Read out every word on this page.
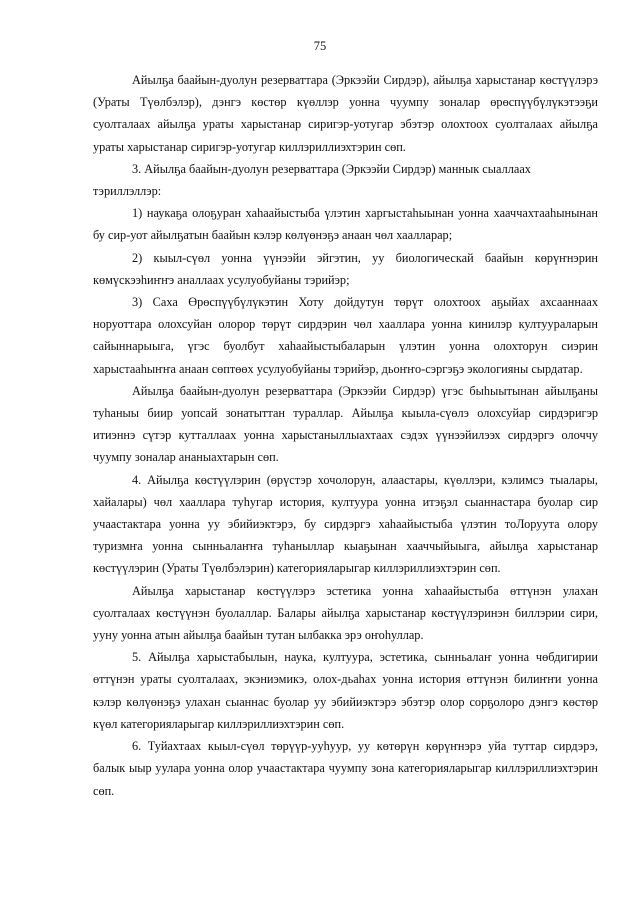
75

Айылҕа баайын-дуолун резерваттара (Эркээйи Сирдэр), айылҕа харыстанар көстүүлэрэ (Ураты Түөлбэлэр), дэнгэ көстөр күөллэр уонна чуумпу зоналар өрөспүүбүлүкэтээҕи суолталаах айылҕа ураты харыстанар сиригэр-уотугар эбэтэр олохтоох суолталаах айылҕа ураты харыстанар сиригэр-уотугар киллэриллиэхтэрин сөп.

3. Айылҕа баайын-дуолун резерваттара (Эркээйи Сирдэр) маннык сыаллаах тэриллэллэр:

1) наукаҕа олоҕуран хаһаайыстыба үлэтин харгыстаһыынан уонна хааччахтааһынынан бу сир-уот айылҕатын баайын кэлэр көлүөнэҕэ анаан чөл хаалларар;

2) кыыл-сүөл уонна үүнээйи эйгэтин, уу биологическай баайын көрүҥнэрин көмүскээһиҥҥэ аналлаах усулуобуйаны тэрийэр;

3) Саха Өрөспүүбүлүкэтин Хоту дойдутун төрүт олохтоох аҕыйах ахсааннаах норуоттара олохсуйан олорор төрүт сирдэрин чөл хааллара уонна кинилэр култуураларын сайыннарыыга, үгэс буолбут хаһаайыстыбаларын үлэтин уонна олохторун сиэрин харыстааһыҥҥа анаан сөптөөх усулуобуйаны тэрийэр, дьоҥҥо-сэргэҕэ экологияны сырдатар.

Айылҕа баайын-дуолун резерваттара (Эркээйи Сирдэр) үгэс быһыытынан айылҕаны туһаныы биир уопсай зонатыттан тураллар. Айылҕа кыыла-сүөлэ олохсуйар сирдэригэр итиэннэ сүтэр кутталлаах уонна харыстаныллыахтаах сэдэх үүнээйилээх сирдэргэ олоччу чуумпу зоналар ананыахтарын сөп.

4. Айылҕа көстүүлэрин (өрүстэр хочолорун, алаастары, күөллэри, кэлимсэ тыалары, хайалары) чөл хааллара туһугар история, култуура уонна итэҕэл сыаннастара буолар сир учаастактара уонна уу эбийиэктэрэ, бу сирдэргэ хаһаайыстыба үлэтин тоЛоруута олору туризмҥа уонна сынньалаҥҥа туһаныллар кыаҕынан хааччыйыыга, айылҕа харыстанар көстүүлэрин (Ураты Түөлбэлэрин) категорияларыгар киллэриллиэхтэрин сөп.

Айылҕа харыстанар көстүүлэрэ эстетика уонна хаһаайыстыба өттүнэн улахан суолталаах көстүүнэн буолаллар. Балары айылҕа харыстанар көстүүлэринэн биллэрии сири, ууну уонна атын айылҕа баайын тутан ылбаккa эрэ оҥоһуллар.

5. Айылҕа харыстабылын, наука, култуура, эстетика, сынньалаҥ уонна чөбдигирии өттүнэн ураты суолталаах, экэниэмикэ, олох-дьаһах уонна история өттүнэн билиҥҥи уонна кэлэр көлүөнэҕэ улахан сыаннас буолар уу эбийиэктэрэ эбэтэр олор сорҕолоро дэнгэ көстөр күөл категорияларыгар киллэриллиэхтэрин сөп.

6. Туйахтаах кыыл-сүөл төрүүр-ууһуур, уу көтөрүн көрүҥнэрэ уйа туттар сирдэрэ, балык ыыр уулара уонна олор учаастактара чуумпу зона категорияларыгар киллэриллиэхтэрин сөп.
